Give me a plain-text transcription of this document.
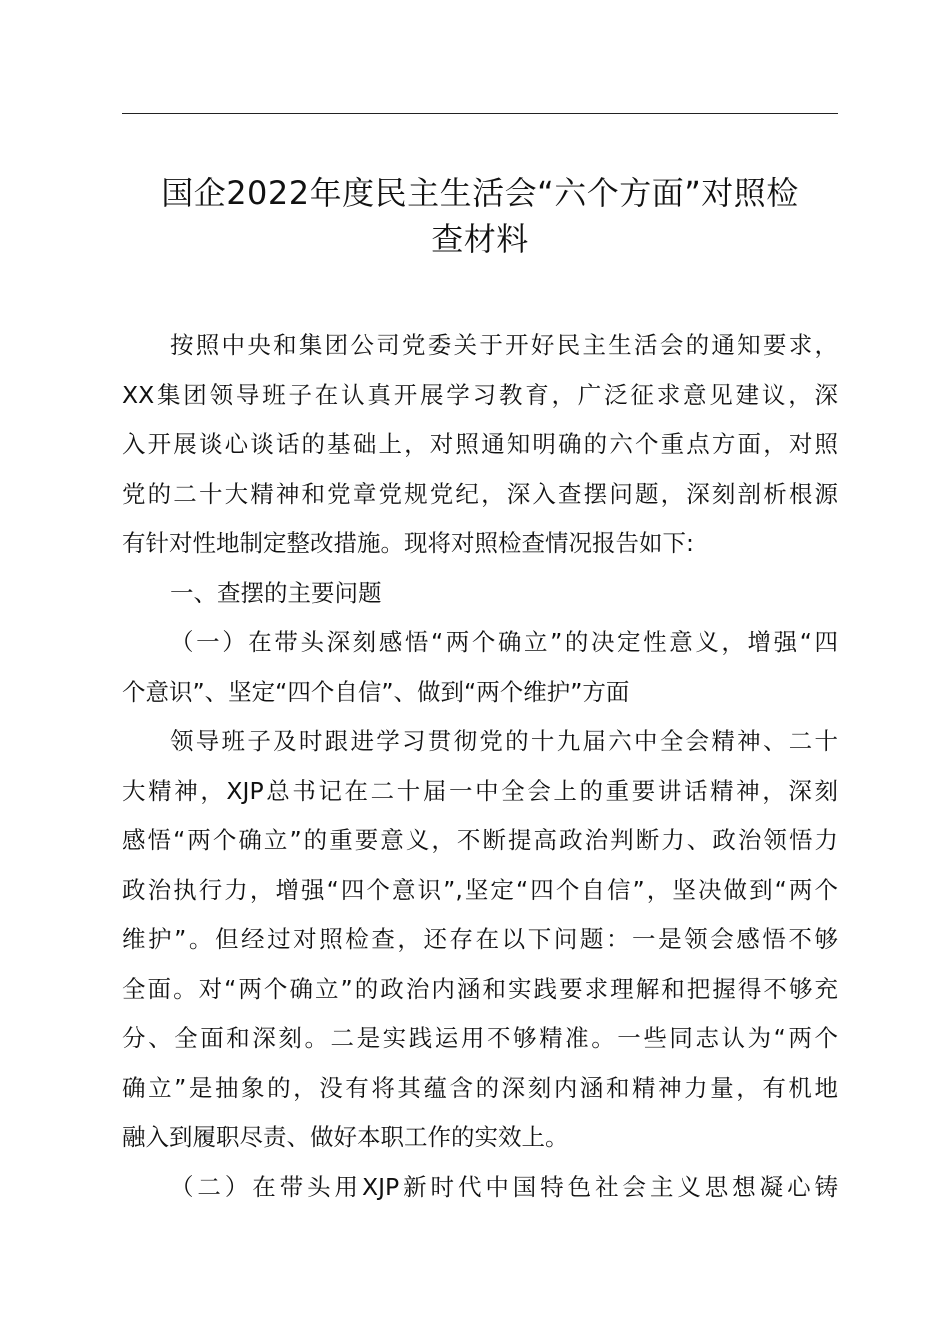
国企2022年度民主生活会“六个方面”对照检
查材料
按照中央和集团公司党委关于开好民主生活会的通知要求，
XX集团领导班子在认真开展学习教育，广泛征求意见建议，深
入开展谈心谈话的基础上，对照通知明确的六个重点方面，对照
党的二十大精神和党章党规党纪，深入查摆问题，深刻剖析根源
有针对性地制定整改措施。现将对照检查情况报告如下:
一、查摆的主要问题
（一）在带头深刻感悟“两个确立”的决定性意义，增强“四
个意识”、坚定“四个自信”、做到“两个维护”方面
领导班子及时跟进学习贯彻党的十九届六中全会精神、二十
大精神，XJP总书记在二十届一中全会上的重要讲话精神，深刻
感悟“两个确立”的重要意义，不断提高政治判断力、政治领悟力
政治执行力，增强“四个意识”,坚定“四个自信”，坚决做到“两个
维护”。但经过对照检查，还存在以下问题：一是领会感悟不够
全面。对“两个确立”的政治内涵和实践要求理解和把握得不够充
分、全面和深刻。二是实践运用不够精准。一些同志认为“两个
确立”是抽象的，没有将其蕴含的深刻内涵和精神力量，有机地
融入到履职尽责、做好本职工作的实效上。
（二）在带头用XJP新时代中国特色社会主义思想凝心铸
